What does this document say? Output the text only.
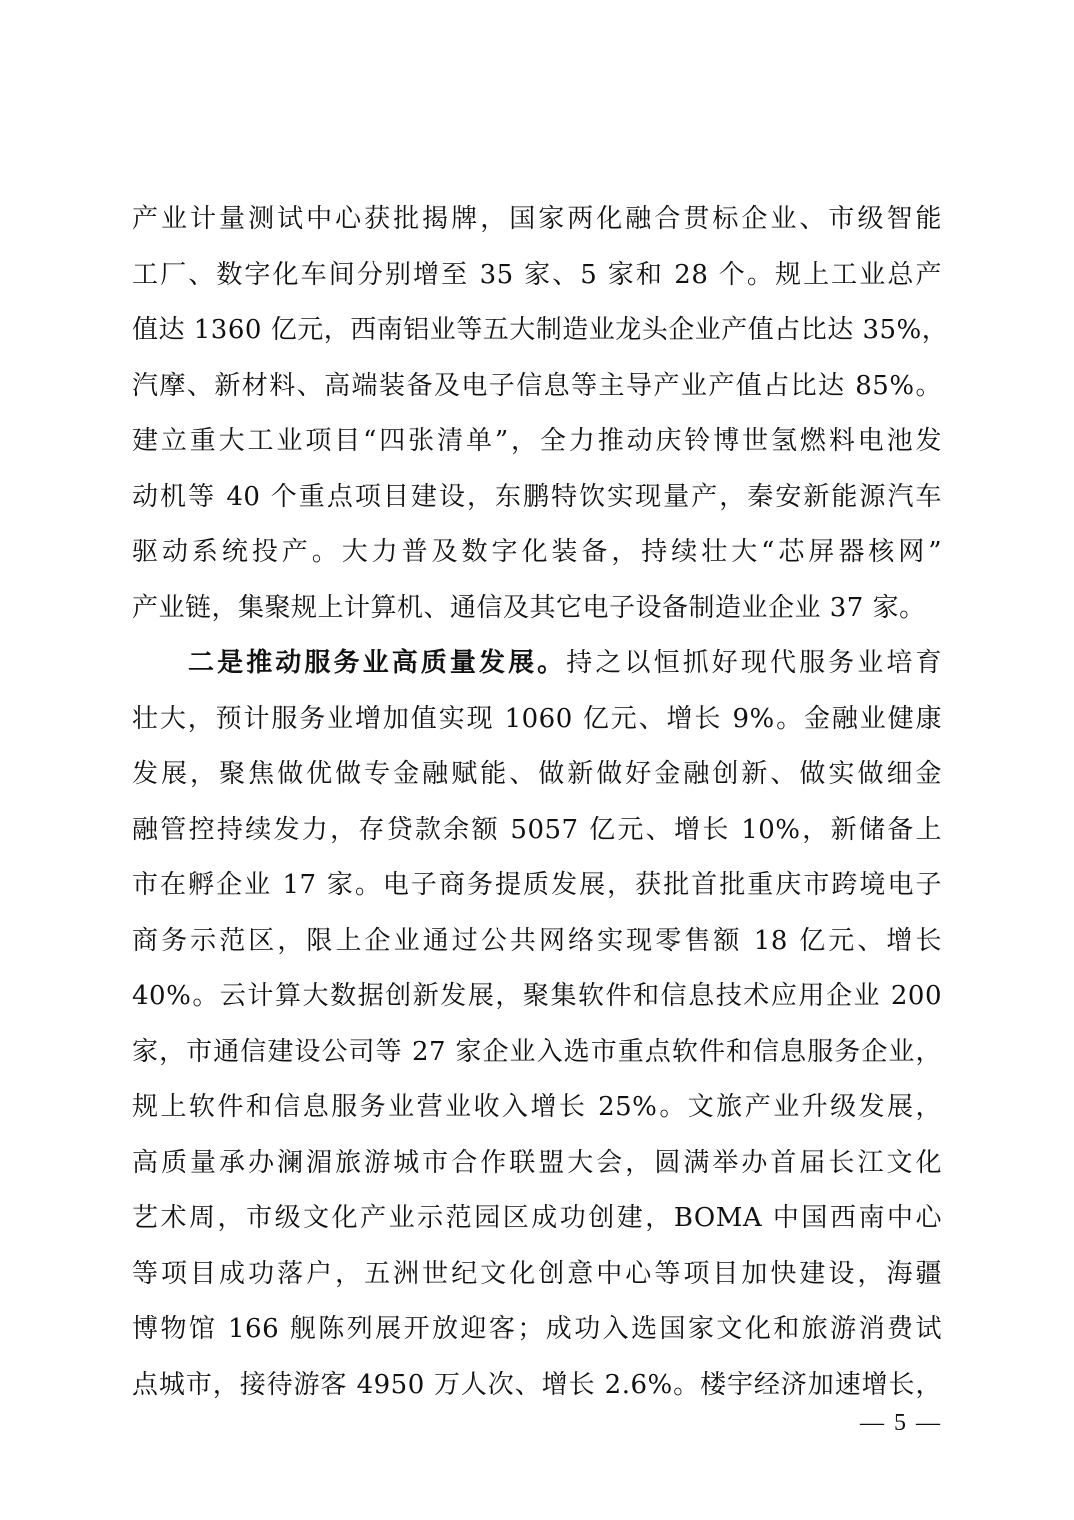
产业计量测试中心获批揭牌，国家两化融合贯标企业、市级智能
工厂、数字化车间分别增至 35 家、5 家和 28 个。规上工业总产
值达 1360 亿元，西南铝业等五大制造业龙头企业产值占比达 35%，
汽摩、新材料、高端装备及电子信息等主导产业产值占比达 85%。
建立重大工业项目“四张清单”，全力推动庆铃博世氢燃料电池发
动机等 40 个重点项目建设，东鹏特饮实现量产，秦安新能源汽车
驱动系统投产。大力普及数字化装备，持续壮大“芯屏器核网”
产业链，集聚规上计算机、通信及其它电子设备制造业企业 37 家。
二是推动服务业高质量发展。持之以恒抓好现代服务业培育
壮大，预计服务业增加值实现 1060 亿元、增长 9%。金融业健康
发展，聚焦做优做专金融赋能、做新做好金融创新、做实做细金
融管控持续发力，存贷款余额 5057 亿元、增长 10%，新储备上
市在孵企业 17 家。电子商务提质发展，获批首批重庆市跨境电子
商务示范区，限上企业通过公共网络实现零售额 18 亿元、增长
40%。云计算大数据创新发展，聚集软件和信息技术应用企业 200
家，市通信建设公司等 27 家企业入选市重点软件和信息服务企业，
规上软件和信息服务业营业收入增长 25%。文旅产业升级发展，
高质量承办澜湄旅游城市合作联盟大会，圆满举办首届长江文化
艺术周，市级文化产业示范园区成功创建，BOMA 中国西南中心
等项目成功落户，五洲世纪文化创意中心等项目加快建设，海疆
博物馆 166 舰陈列展开放迎客；成功入选国家文化和旅游消费试
点城市，接待游客 4950 万人次、增长 2.6%。楼宇经济加速增长，
— 5 —
